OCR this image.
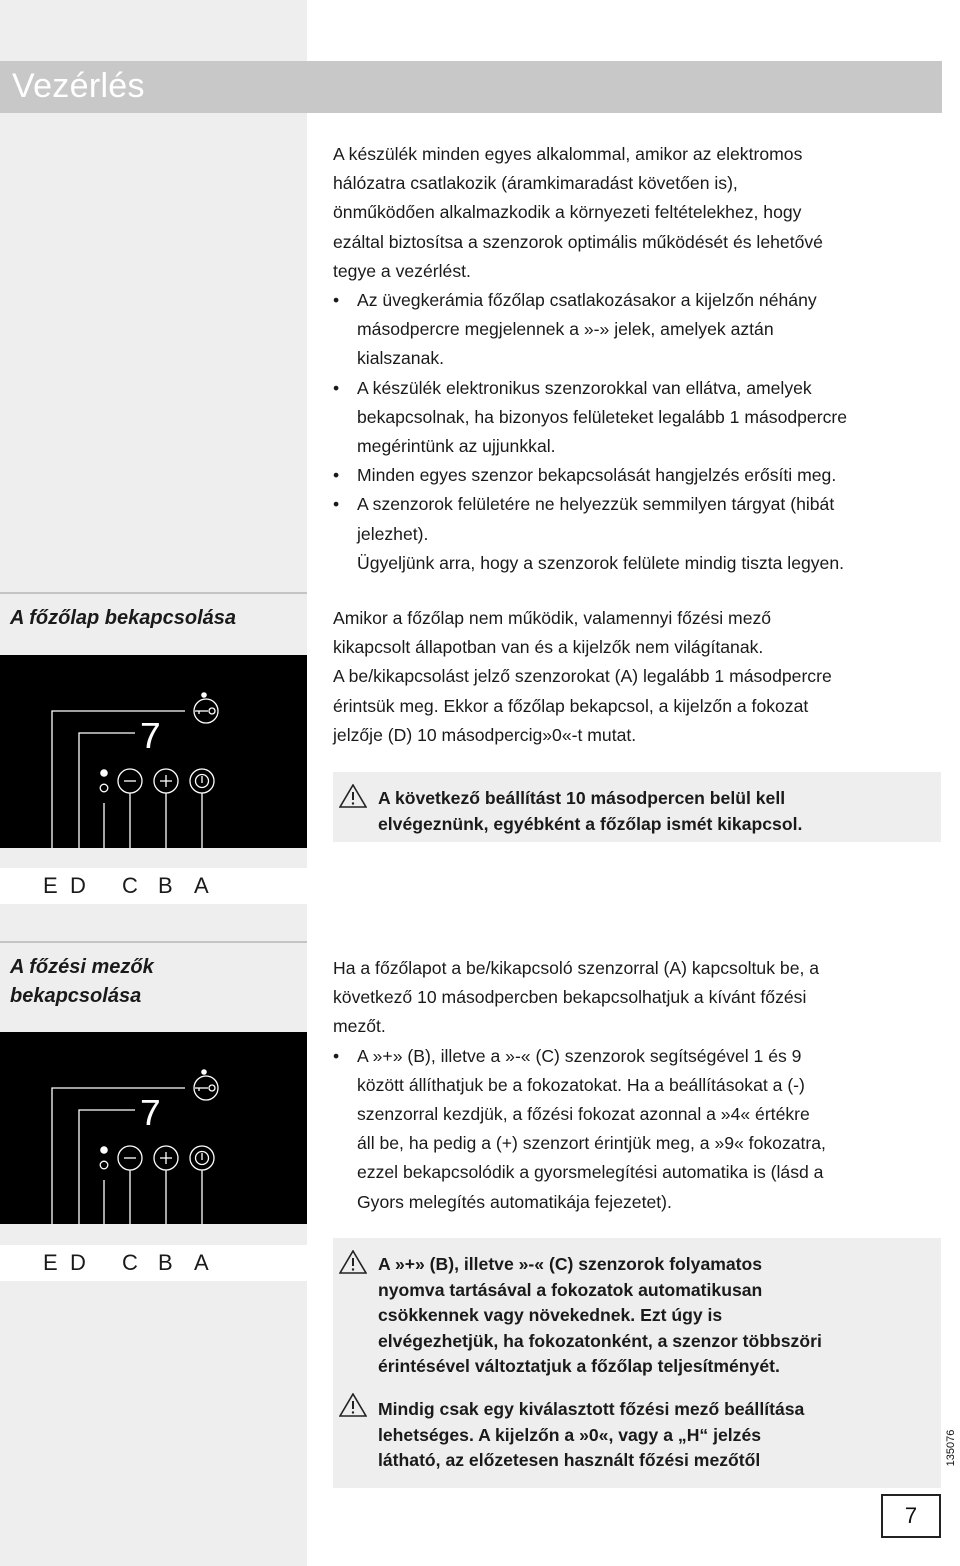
Vezérlés

A készülék minden egyes alkalommal, amikor az elektromos

hálózatra csatlakozik (áramkimaradást követően is),

önműködően alkalmazkodik a környezeti feltételekhez, hogy

ezáltal biztosítsa a szenzorok optimális működését és lehetővé

tegye a vezérlést.

• Az üvegkerámia főzőlap csatlakozásakor a kijelzőn néhány

másodpercre megjelennek a »-» jelek, amelyek aztán

kialszanak.

• A készülék elektronikus szenzorokkal van ellátva, amelyek

bekapcsolnak, ha bizonyos felületeket legalább 1 másodpercre

megérintünk az ujjunkkal.

• Minden egyes szenzor bekapcsolását hangjelzés erősíti meg.

• A szenzorok felületére ne helyezzük semmilyen tárgyat (hibát

jelezhet).

Ügyeljünk arra, hogy a szenzorok felülete mindig tiszta legyen.

A főzőlap bekapcsolása	Amikor a főzőlap nem működik, valamennyi főzési mező

kikapcsolt állapotban van és a kijelzők nem világítanak.

A be/kikapcsolást jelző szenzorokat (A) legalább 1 másodpercre

érintsük meg. Ekkor a főzőlap bekapcsol, a kijelzőn a fokozat

jelzője (D) 10 másodpercig»0«-t mutat.

A következő beállítást 10 másodpercen belül kell

elvégeznünk, egyébként a főzőlap ismét kikapcsol.

7
E D C B A
A főzési mezők
bekapcsolása

Ha a főzőlapot a be/kikapcsoló szenzorral (A) kapcsoltuk be, a

következő 10 másodpercben bekapcsolhatjuk a kívánt főzési

mezőt.

• A »+» (B), illetve a »-« (C) szenzorok segítségével 1 és 9

között állíthatjuk be a fokozatokat. Ha a beállításokat a (-)

szenzorral kezdjük, a főzési fokozat azonnal a »4« értékre

áll be, ha pedig a (+) szenzort érintjük meg, a »9« fokozatra,

ezzel bekapcsolódik a gyorsmelegítési automatika is (lásd a

Gyors melegítés automatikája fejezetet).

7
E D C B A	A »+» (B), illetve »-« (C) szenzorok folyamatos

nyomva tartásával a fokozatok automatikusan

csökkennek vagy növekednek. Ezt úgy is

elvégezhetjük, ha fokozatonként, a szenzor többszöri

érintésével változtatjuk a főzőlap teljesítményét.

Mindig csak egy kiválasztott főzési mező beállítása

lehetséges. A kijelzőn a »0«, vagy a „H“ jelzés

látható, az előzetesen használt főzési mezőtől	135076
7
